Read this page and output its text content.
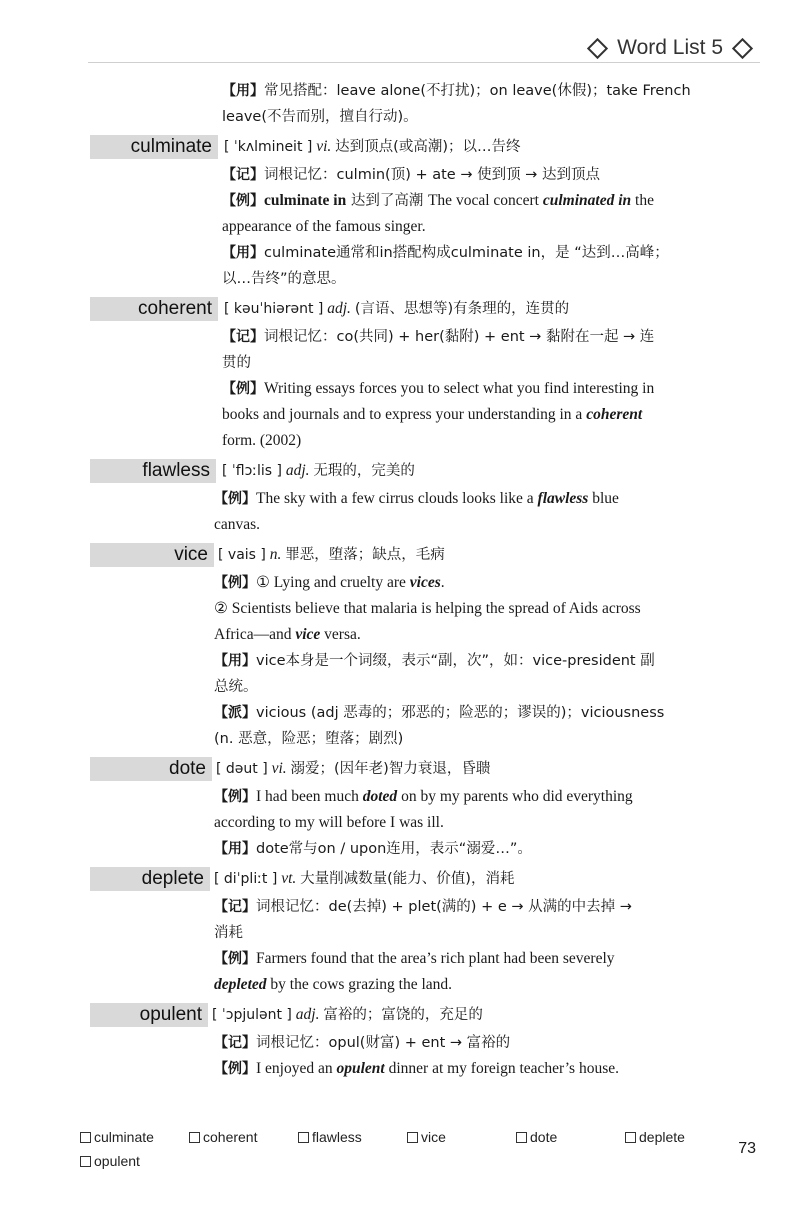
Word List 5
【用】常见搭配：leave alone(不打扰)；on leave(休假)；take French
leave(不告而别，擅自行动)。
culminate [ ˈkʌlmineit ] vi. 达到顶点(或高潮)；以…告终
【记】词根记忆：culmin(顶) + ate → 使到顶 → 达到顶点
【例】culminate in 达到了高潮 The vocal concert culminated in the
appearance of the famous singer.
【用】culminate通常和in搭配构成culminate in，是 “达到…高峰；
以…告终”的意思。
coherent [ kəuˈhiərənt ] adj. (言语、思想等)有条理的，连贯的
【记】词根记忆：co(共同) + her(黏附) + ent → 黏附在一起 → 连
贯的
【例】Writing essays forces you to select what you find interesting in
books and journals and to express your understanding in a coherent
form. (2002)
flawless [ ˈflɔːlis ] adj. 无瑕的，完美的
【例】The sky with a few cirrus clouds looks like a flawless blue
canvas.
vice [ vais ] n. 罪恶，堕落；缺点，毛病
【例】① Lying and cruelty are vices.
② Scientists believe that malaria is helping the spread of Aids across
Africa—and vice versa.
【用】vice本身是一个词缀，表示“副，次”，如：vice-president 副
总统。
【派】vicious (adj 恶毒的；邪恶的；险恶的；谬误的)；viciousness
(n. 恶意，险恶；堕落；剧烈)
dote [ dəut ] vi. 溺爱；(因年老)智力衰退，昏聩
【例】I had been much doted on by my parents who did everything
according to my will before I was ill.
【用】dote常与on / upon连用，表示“溺爱…”。
deplete [ diˈpliːt ] vt. 大量削减数量(能力、价值)，消耗
【记】词根记忆：de(去掉) + plet(满的) + e → 从满的中去掉 →
消耗
【例】Farmers found that the area’s rich plant had been severely
depleted by the cows grazing the land.
opulent [ ˈɔpjulənt ] adj. 富裕的；富饶的，充足的
【记】词根记忆：opul(财富) + ent → 富裕的
【例】I enjoyed an opulent dinner at my foreign teacher’s house.
culminate	coherent	flawless	vice	dote	deplete
opulent
73
